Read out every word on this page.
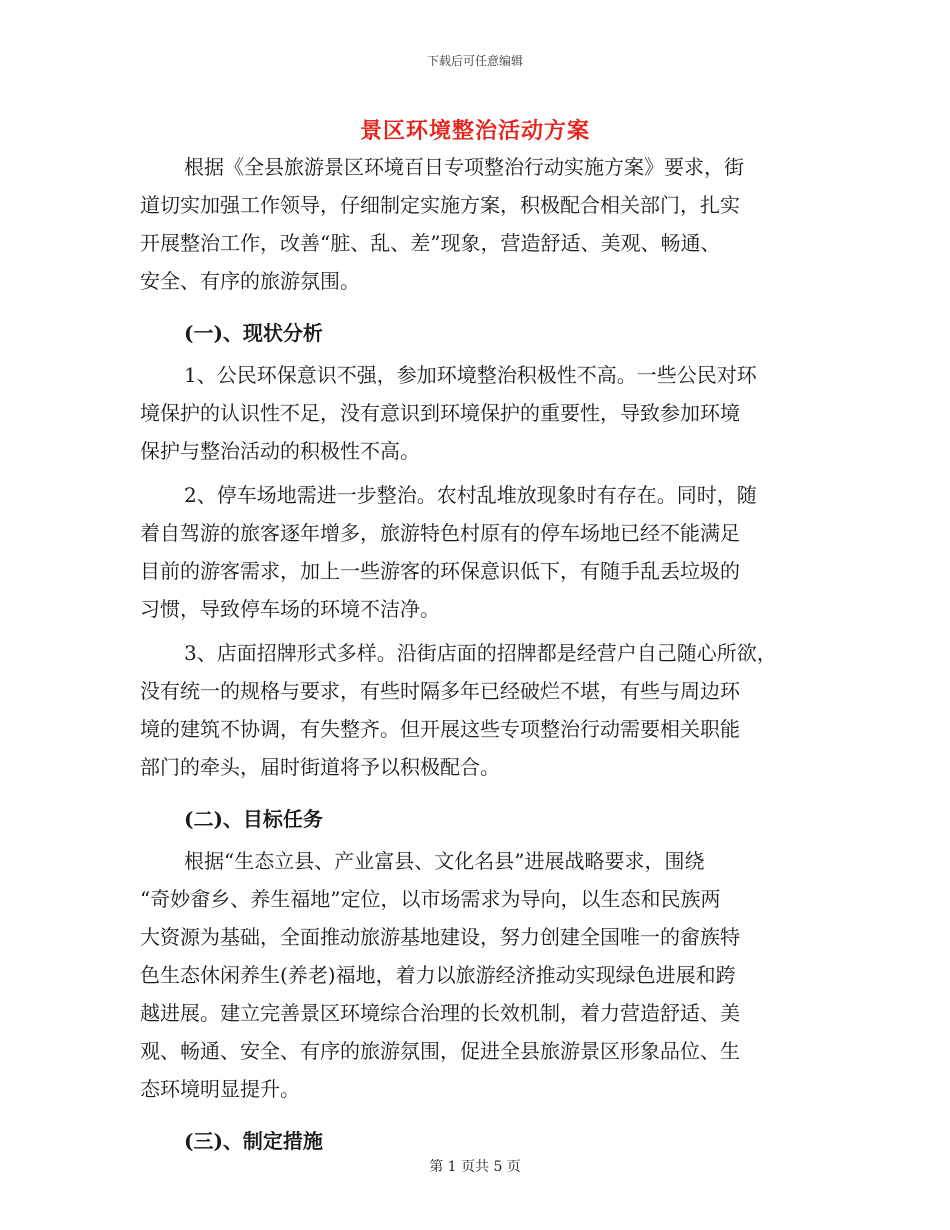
下载后可任意编辑
景区环境整治活动方案

根据《全县旅游景区环境百日专项整治行动实施方案》要求，街
道切实加强工作领导，仔细制定实施方案，积极配合相关部门，扎实
开展整治工作，改善“脏、乱、差”现象，营造舒适、美观、畅通、
安全、有序的旅游氛围。

(一)、现状分析

1、公民环保意识不强，参加环境整治积极性不高。一些公民对环
境保护的认识性不足，没有意识到环境保护的重要性，导致参加环境
保护与整治活动的积极性不高。

2、停车场地需进一步整治。农村乱堆放现象时有存在。同时，随
着自驾游的旅客逐年增多，旅游特色村原有的停车场地已经不能满足
目前的游客需求，加上一些游客的环保意识低下，有随手乱丢垃圾的
习惯，导致停车场的环境不洁净。

3、店面招牌形式多样。沿街店面的招牌都是经营户自己随心所欲，
没有统一的规格与要求，有些时隔多年已经破烂不堪，有些与周边环
境的建筑不协调，有失整齐。但开展这些专项整治行动需要相关职能
部门的牵头，届时街道将予以积极配合。

(二)、目标任务

根据“生态立县、产业富县、文化名县”进展战略要求，围绕
“奇妙畲乡、养生福地”定位，以市场需求为导向，以生态和民族两
大资源为基础，全面推动旅游基地建设，努力创建全国唯一的畲族特
色生态休闲养生(养老)福地，着力以旅游经济推动实现绿色进展和跨
越进展。建立完善景区环境综合治理的长效机制，着力营造舒适、美
观、畅通、安全、有序的旅游氛围，促进全县旅游景区形象品位、生
态环境明显提升。

(三)、制定措施
第 1 页共 5 页
